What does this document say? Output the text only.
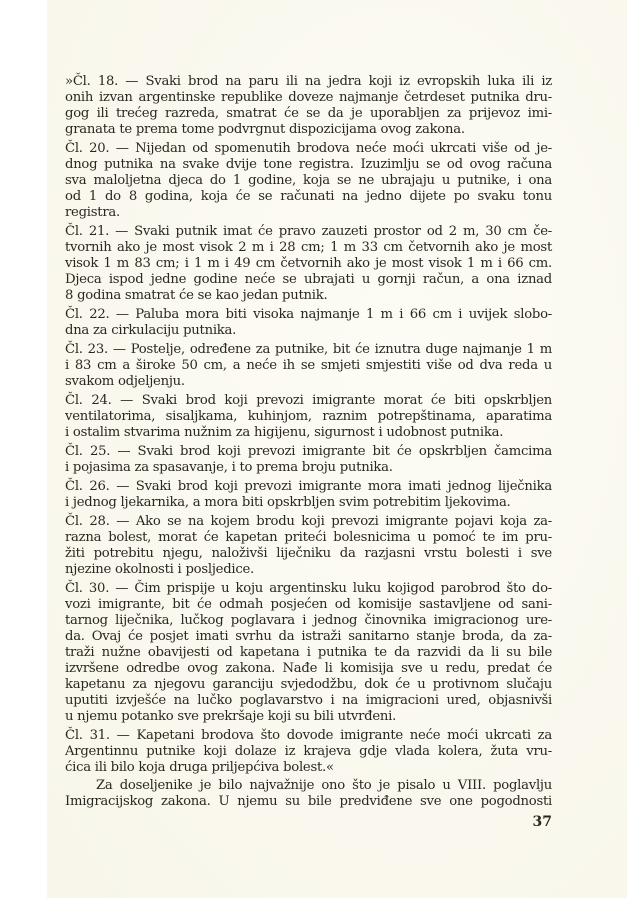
»Čl. 18. — Svaki brod na paru ili na jedra koji iz evropskih luka ili iz
onih izvan argentinske republike doveze najmanje četrdeset putnika dru-
gog ili trećeg razreda, smatrat će se da je uporabljen za prijevoz imi-
granata te prema tome podvrgnut dispozicijama ovog zakona.
Čl. 20. — Nijedan od spomenutih brodova neće moći ukrcati više od je-
dnog putnika na svake dvije tone registra. Izuzimlju se od ovog računa
sva maloljetna djeca do 1 godine, koja se ne ubrajaju u putnike, i ona
od 1 do 8 godina, koja će se računati na jedno dijete po svaku tonu
registra.
Čl. 21. — Svaki putnik imat će pravo zauzeti prostor od 2 m, 30 cm če-
tvornih ako je most visok 2 m i 28 cm; 1 m 33 cm četvornih ako je most
visok 1 m 83 cm; i 1 m i 49 cm četvornih ako je most visok 1 m i 66 cm.
Djeca ispod jedne godine neće se ubrajati u gornji račun, a ona iznad
8 godina smatrat će se kao jedan putnik.
Čl. 22. — Paluba mora biti visoka najmanje 1 m i 66 cm i uvijek slobo-
dna za cirkulaciju putnika.
Čl. 23. — Postelje, određene za putnike, bit će iznutra duge najmanje 1 m
i 83 cm a široke 50 cm, a neće ih se smjeti smjestiti više od dva reda u
svakom odjeljenju.
Čl. 24. — Svaki brod koji prevozi imigrante morat će biti opskrbljen
ventilatorima, sisaljkama, kuhinjom, raznim potrepštinama, aparatima
i ostalim stvarima nužnim za higijenu, sigurnost i udobnost putnika.
Čl. 25. — Svaki brod koji prevozi imigrante bit će opskrbljen čamcima
i pojasima za spasavanje, i to prema broju putnika.
Čl. 26. — Svaki brod koji prevozi imigrante mora imati jednog liječnika
i jednog ljekarnika, a mora biti opskrbljen svim potrebitim ljekovima.
Čl. 28. — Ako se na kojem brodu koji prevozi imigrante pojavi koja za-
razna bolest, morat će kapetan priteći bolesnicima u pomoć te im pru-
žiti potrebitu njegu, naloživši liječniku da razjasni vrstu bolesti i sve
njezine okolnosti i posljedice.
Čl. 30. — Čim prispije u koju argentinsku luku kojigod parobrod što do-
vozi imigrante, bit će odmah posjećen od komisije sastavljene od sani-
tarnog liječnika, lučkog poglavara i jednog činovnika imigracionog ure-
da. Ovaj će posjet imati svrhu da istraži sanitarno stanje broda, da za-
traži nužne obavijesti od kapetana i putnika te da razvidi da li su bile
izvršene odredbe ovog zakona. Nađe li komisija sve u redu, predat će
kapetanu za njegovu garanciju svjedodžbu, dok će u protivnom slučaju
uputiti izvješće na lučko poglavarstvo i na imigracioni ured, objasnivši
u njemu potanko sve prekršaje koji su bili utvrđeni.
Čl. 31. — Kapetani brodova što dovode imigrante neće moći ukrcati za
Argentinnu putnike koji dolaze iz krajeva gdje vlada kolera, žuta vru-
ćica ili bilo koja druga priljepćiva bolest.«
Za doseljenike je bilo najvažnije ono što je pisalo u VIII. poglavlju
Imigracijskog zakona. U njemu su bile predviđene sve one pogodnosti
37
